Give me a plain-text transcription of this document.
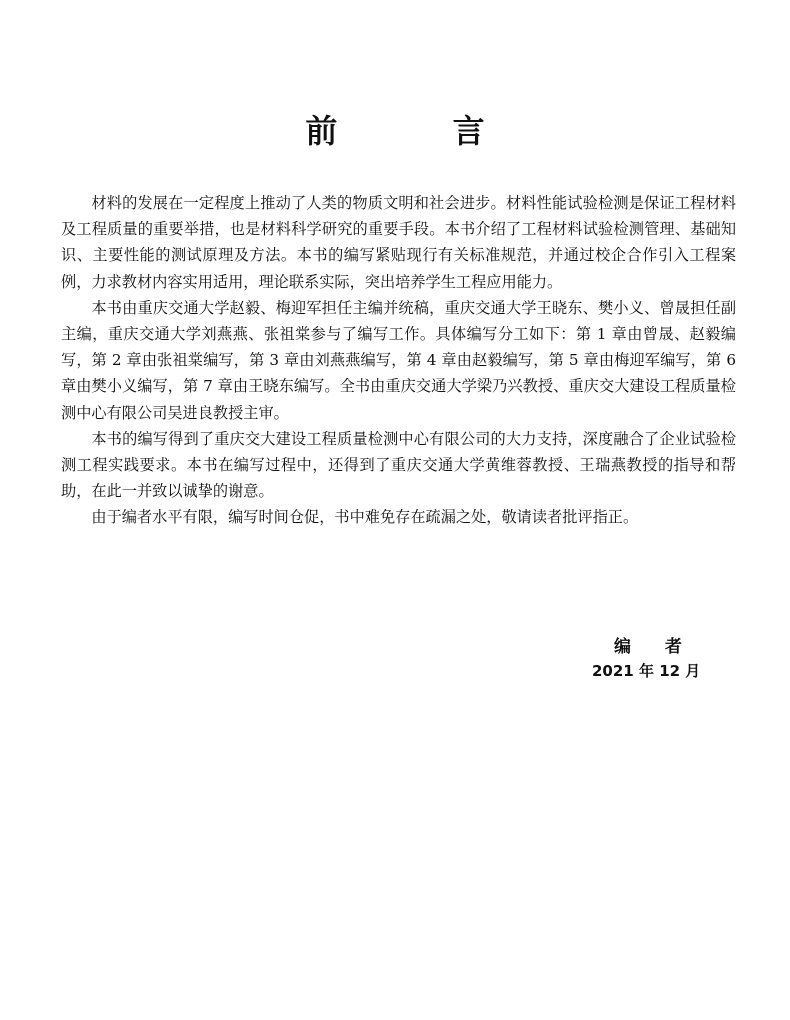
前 言

材料的发展在一定程度上推动了人类的物质文明和社会进步。材料性能试验检测是保证工程材料及工程质量的重要举措，也是材料科学研究的重要手段。本书介绍了工程材料试验检测管理、基础知识、主要性能的测试原理及方法。本书的编写紧贴现行有关标准规范，并通过校企合作引入工程案例，力求教材内容实用适用，理论联系实际，突出培养学生工程应用能力。

本书由重庆交通大学赵毅、梅迎军担任主编并统稿，重庆交通大学王晓东、樊小义、曾晟担任副主编，重庆交通大学刘燕燕、张祖棠参与了编写工作。具体编写分工如下：第 1 章由曾晟、赵毅编写，第 2 章由张祖棠编写，第 3 章由刘燕燕编写，第 4 章由赵毅编写，第 5 章由梅迎军编写，第 6 章由樊小义编写，第 7 章由王晓东编写。全书由重庆交通大学梁乃兴教授、重庆交大建设工程质量检测中心有限公司吴进良教授主审。

本书的编写得到了重庆交大建设工程质量检测中心有限公司的大力支持，深度融合了企业试验检测工程实践要求。本书在编写过程中，还得到了重庆交通大学黄维蓉教授、王瑞燕教授的指导和帮助，在此一并致以诚挚的谢意。

由于编者水平有限，编写时间仓促，书中难免存在疏漏之处，敬请读者批评指正。

编 者
2021 年 12 月
